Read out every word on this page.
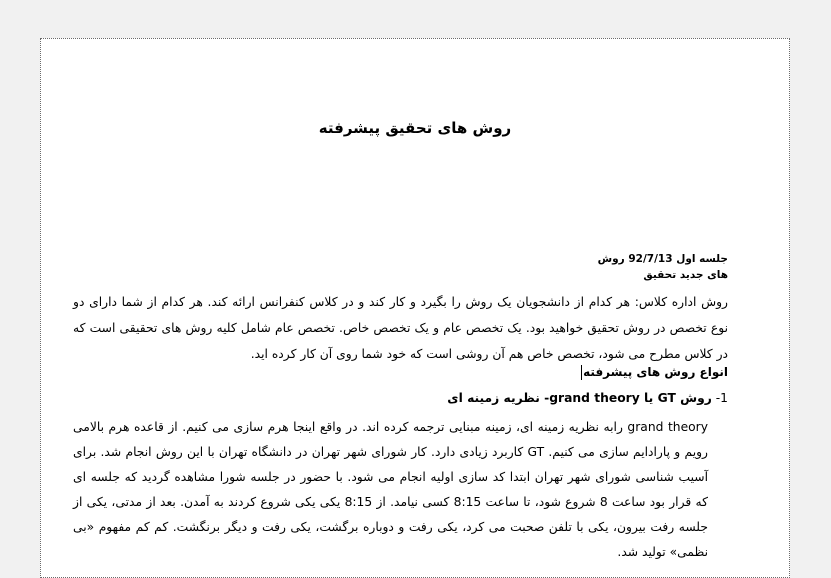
روش های تحقیق پیشرفته
جلسه اول 92/7/13 روش
های جدید تحقیق
روش اداره کلاس: هر کدام از دانشجویان یک روش را بگیرد و کار کند و در کلاس کنفرانس ارائه کند. هر کدام از شما دارای دو نوع تخصص در روش تحقیق خواهید بود. یک تخصص عام و یک تخصص خاص. تخصص عام شامل کلیه روش های تحقیقی است که در کلاس مطرح می شود، تخصص خاص هم آن روشی است که خود شما روی آن کار کرده اید.
انواع روش های پیشرفته
1- روش GT یا grand theory- نظریه زمینه ای
grand theory رابه نظریه زمینه ای، زمینه مبنایی ترجمه کرده اند. در واقع اینجا هرم سازی می کنیم. از قاعده هرم بالامی رویم و پارادایم سازی می کنیم. GT کاربرد زیادی دارد. کار شورای شهر تهران در دانشگاه تهران با این روش انجام شد. برای آسیب شناسی شورای شهر تهران ابتدا کد سازی اولیه انجام می شود. با حضور در جلسه شورا مشاهده گردید که جلسه ای که قرار بود ساعت 8 شروع شود، تا ساعت 8:15 کسی نیامد. از 8:15 یکی یکی شروع کردند به آمدن. بعد از مدتی، یکی از جلسه رفت بیرون، یکی با تلفن صحبت می کرد، یکی رفت و دوباره برگشت، یکی رفت و دیگر برنگشت. کم کم مفهوم «بی نظمی» تولید شد.
